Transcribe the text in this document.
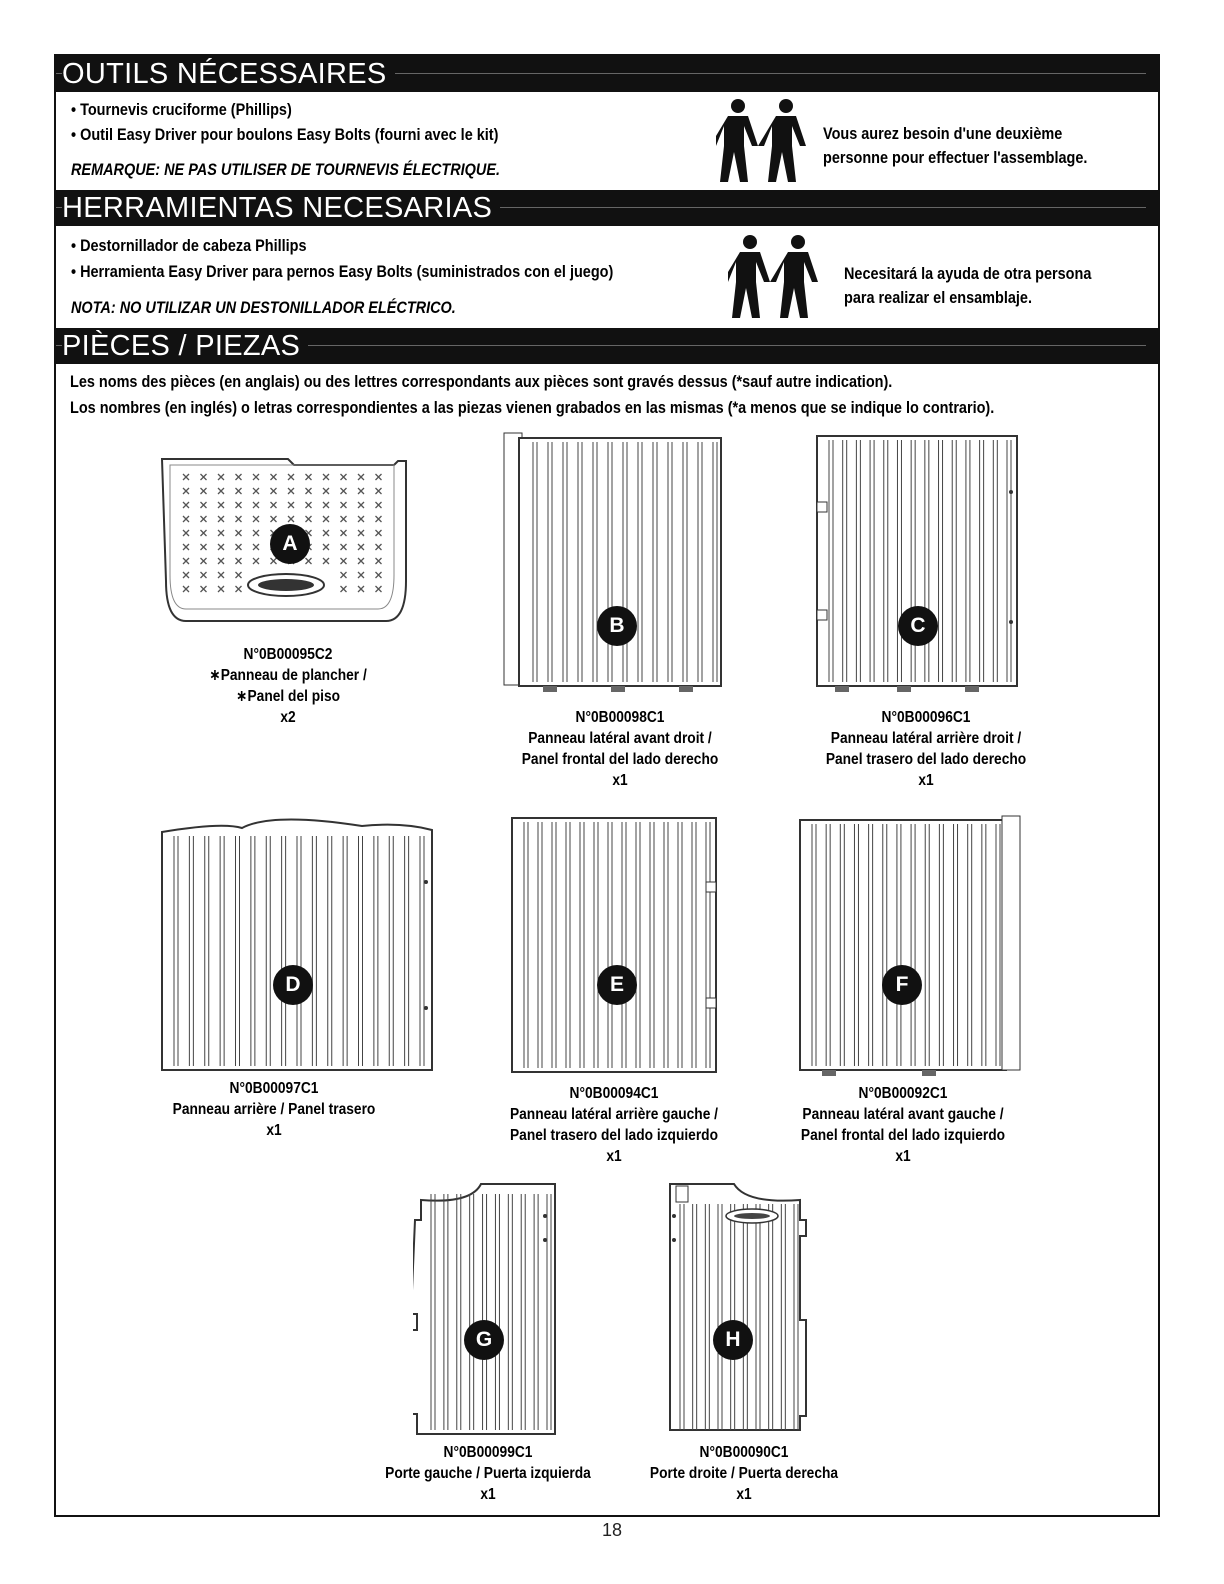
OUTILS NÉCESSAIRES
• Tournevis cruciforme (Phillips)
• Outil Easy Driver pour boulons Easy Bolts (fourni avec le kit)
REMARQUE: NE PAS UTILISER DE TOURNEVIS ÉLECTRIQUE.
Vous aurez besoin d'une deuxième
personne pour effectuer l'assemblage.
HERRAMIENTAS NECESARIAS
• Destornillador de cabeza Phillips
• Herramienta Easy Driver para pernos Easy Bolts (suministrados con el juego)
NOTA: NO UTILIZAR UN DESTONILLADOR ELÉCTRICO.
Necesitará la ayuda de otra persona
para realizar el ensamblaje.
PIÈCES / PIEZAS
Les noms des pièces (en anglais) ou des lettres correspondants aux pièces sont gravés dessus (*sauf autre indication).
Los nombres (en inglés) o letras correspondientes a las piezas vienen grabados en las mismas (*a menos que se indique lo contrario).
A
N°0B00095C2
∗Panneau de plancher /
∗Panel del piso
x2
B
N°0B00098C1
Panneau latéral avant droit /
Panel frontal del lado derecho
x1
C
N°0B00096C1
Panneau latéral arrière droit /
Panel trasero del lado derecho
x1
D
N°0B00097C1
Panneau arrière / Panel trasero
x1
E
N°0B00094C1
Panneau latéral arrière gauche /
Panel trasero del lado izquierdo
x1
F
N°0B00092C1
Panneau latéral avant gauche /
Panel frontal del lado izquierdo
x1
G
N°0B00099C1
Porte gauche / Puerta izquierda
x1
H
N°0B00090C1
Porte droite / Puerta derecha
x1
18
